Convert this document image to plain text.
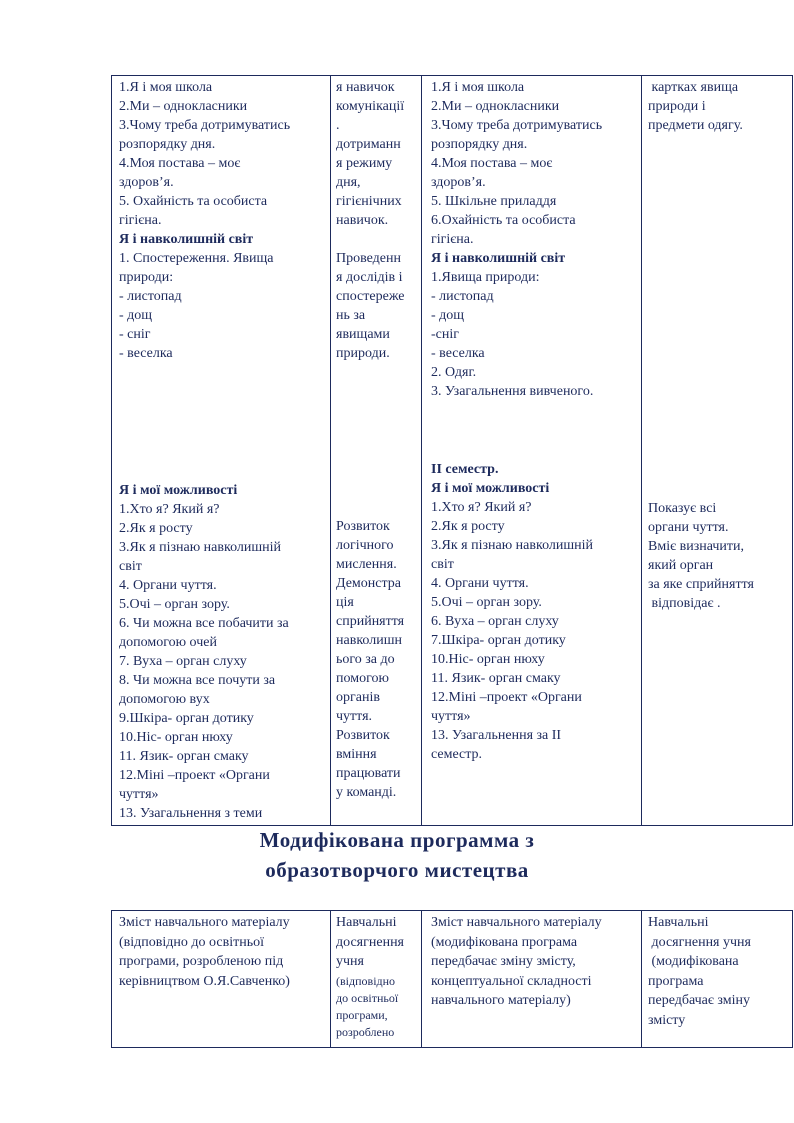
1.Я і моя школа
2.Ми – однокласники
3.Чому треба дотримуватись
розпорядку дня.
4.Моя постава – моє
здоров’я.
5. Охайність та особиста
гігієна.
Я і навколишній світ
1. Спостереження. Явища
природи:
- листопад
- дощ
- сніг
- веселка
Я і мої можливості
1.Хто я? Який я?
2.Як я росту
3.Як я пізнаю навколишній
світ
4. Органи чуття.
5.Очі – орган зору.
6. Чи можна все побачити за
допомогою очей
7. Вуха – орган слуху
8. Чи можна все почути за
допомогою вух
9.Шкіра- орган дотику
10.Ніс- орган нюху
11. Язик- орган смаку
12.Міні –проект «Органи
чуття»
13. Узагальнення з теми
я навичок
комунікації
.
дотриманн
я режиму
дня,
гігієнічних
навичок.
Проведенн
я дослідів і
спостереже
нь за
явищами
природи.
Розвиток
логічного
мислення.
Демонстра
ція
сприйняття
навколишн
ього за до
помогою
органів
чуття.
Розвиток
вміння
працювати
у команді.
1.Я і моя школа
2.Ми – однокласники
3.Чому треба дотримуватись
розпорядку дня.
4.Моя постава – моє
здоров’я.
5. Шкільне приладдя
6.Охайність та особиста
гігієна.
Я і навколишній світ
1.Явища природи:
- листопад
- дощ
-сніг
- веселка
2. Одяг.
3. Узагальнення вивченого.
ІІ семестр.
Я і мої можливості
1.Хто я? Який я?
2.Як я росту
3.Як я пізнаю навколишній
світ
4. Органи чуття.
5.Очі – орган зору.
6. Вуха – орган слуху
7.Шкіра- орган дотику
10.Ніс- орган нюху
11. Язик- орган смаку
12.Міні –проект «Органи
чуття»
13. Узагальнення за ІІ
семестр.
картках явища
природи і
предмети одягу.
Показує всі
органи чуття.
Вміє визначити,
який орган
за яке сприйняття
відповідає .
Модифікована программа з
образотворчого мистецтва
Зміст навчального матеріалу
(відповідно до освітньої
програми, розробленою під
керівництвом О.Я.Савченко)
Навчальні
досягнення
учня
(відповідно
до освітньої
програми,
розроблено
Зміст навчального матеріалу
(модифікована програма
передбачає зміну змісту,
концептуальної складності
навчального матеріалу)
Навчальні
досягнення учня
(модифікована
програма
передбачає зміну
змісту
